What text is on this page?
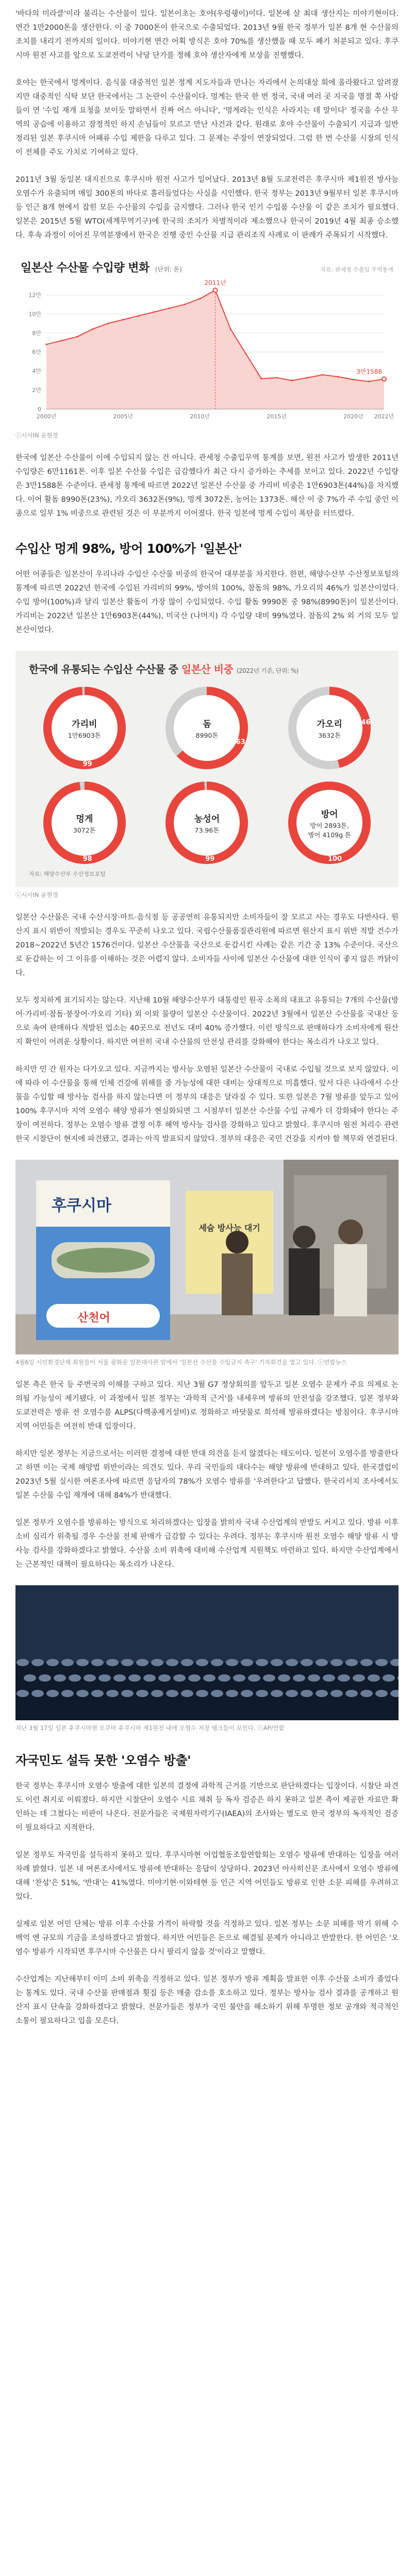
'바다의 미라클'이라 불리는 수산물이 있다. 일본이초는 호야(우렁쉥이)이다. 일본에 살 최대 생산지는 미야기현이다. 연간 1만2000톤을 생산한다. 이 중 7000톤이 한국으로 수출되었다. 2013년 9월 한국 정부가 일본 8개 현 수산물의 조치를 내리기 전까지의 일이다. 미야기현 연간 어획 방식은 호야 70%를 생산했을 때 모두 폐기 처분되고 있다. 후쿠시마 원전 사고를 앞으로 도쿄전력이 낙당 단가를 정해 호야 생산자에게 보상을 진행했다.

호야는 한국에서 멍게이다. 음식물 대중적인 일본 정계 지도자들과 만나는 자리에서 논의대상 회에 올라왔다고 알려졌지만 대중적인 식탁 보단 한국에서는 그 논란이 수산물이다. 멍게는 한국 한 번 정국, 국내 여러 곳 지국을 명절 쪽 사람들이 연 '수입 재개 요청을 보이듯 말하면서 진짜 어스 아니다', '멍게라는 인식은 사라지는 데 말이다' 정국을 수산 무역의 공습에 이용하고 잠정적인 하지 손님들이 모르고 만난 사건과 같다. 원래로 호야 수산물이 수출되기 지급과 일반 정리된 일본 후쿠시마 어패류 수입 제한을 다루고 있다. 그 문제는 주장이 연장되었다. 그럼 한 번 수산물 시장의 인식이 전체를 주도 가치로 기여하고 있다.

2011년 3월 동일본 대지진으로 후쿠시마 원전 사고가 일어났다. 2013년 8월 도쿄전력은 후쿠시마 제1원전 방사능 오염수가 유출되며 매일 300톤의 바다로 흘러들었다는 사실을 시인했다. 한국 정부는 2013년 9월부터 일본 후쿠시마 등 인근 8개 현에서 잡힌 모든 수산물의 수입을 금지했다. 그러나 한국 인기 수입품 수산물 이 같은 조치가 필요했다. 일본은 2015년 5월 WTO(세계무역기구)에 한국의 조치가 차별적이라 제소했으나 한국이 2019년 4월 최종 승소했다. 후속 과정이 이어진 무역분쟁에서 한국은 진행 중인 수산물 지급 관리조직 사례로 이 판례가 주목되기 시작했다.

일본산 수산물 수입량 변화 (단위: 톤)	자료: 관세청 수출입 무역통계
0
2만
4만
6만
8만
10만
12만
2011년
3만1588
2000년	2005년	2010년	2015년	2020년 2022년
ⓒ시사IN 윤현정

한국에 일본산 수산물이 이에 수입되지 않는 건 아니다. 관세청 수출입무역 통계를 보면, 원전 사고가 발생한 2011년 수입량은 6만1161톤. 이후 일본 수산물 수입은 급감했다가 최근 다시 증가하는 추세를 보이고 있다. 2022년 수입량은 3만1588톤 수준이다. 관세청 통계에 따르면 2022년 일본산 수산물 중 가리비 비중은 1만6903톤(44%)을 차지했다. 이어 활돔 8990톤(23%), 가오리 3632톤(9%), 멍게 3072톤, 농어는 1373톤. 해산 이 중 7%가 주 수입 중인 이 종으로 일부 1% 비중으로 관련된 것은 이 부분까지 이어졌다. 한국 일본에 멍게 수입이 폭탄을 터뜨렸다.

수입산 멍게 98%, 방어 100%가 '일본산'

어떤 어종들은 일본산이 우리나라 수입산 수산물 비중의 한국어 대부분을 차지한다. 한편, 해양수산부 수산정보포털의 통계에 따르면 2022년 한국에 수입된 가리비의 99%, 방어의 100%, 참돔의 98%, 가오리의 46%가 일본산이었다. 수입 방어(100%)과 달리 일본산 활돔이 가장 많이 수입되었다. 수입 활돔 9990톤 중 98%(8990톤)이 일본산이다. 가리비는 2022년 일본산 1만6903톤(44%), 미국산 (나머지) 각 수입량 대비 99%였다. 참돔의 2% 외 거의 모두 일본산이었다.

한국에 유통되는 수입산 수산물 중 일본산 비중 (2022년 기준, 단위: %)
가리비
1만6903톤
99
돔
8990톤
63
가오리
3632톤
46
멍게
3072톤
98
농성어
73.96톤
99
방어
방어 2893톤,
병어 4109g 톤
100
자료: 해양수산부 수산정보포털
ⓒ시사IN 윤현정

일본산 수산물은 국내 수산시장·마트·음식점 등 공공연히 유통되지만 소비자들이 잘 모르고 사는 경우도 다반사다. 원산지 표시 위반이 적발되는 경우도 꾸준히 나오고 있다. 국립수산물품질관리원에 따르면 원산지 표시 위반 적발 건수가 2018~2022년 5년간 1576건이다. 일본산 수산물을 국산으로 둔갑시킨 사례는 같은 기간 중 13% 수준이다. 국산으로 둔갑하는 이 그 이유를 이해하는 것은 어렵지 않다. 소비자들 사이에 일본산 수산물에 대한 인식이 좋지 않은 까닭이다.

모두 정치하게 표기되지는 않는다. 지난해 10월 해양수산부가 대통령인 원곡 소폭의 대표고 유통되는 7개의 수산물(방어·가리비·참돔·붕장어·가오리 기타) 외 이외 물량이 일본산 수산물이다. 2022년 3월에서 일본산 수산물을 국내산 등으로 속여 판매하다 적발된 업소는 40곳으로 전년도 대비 40% 증가했다. 이런 방식으로 판매하다가 소비자에게 원산지 확인이 어려운 상황이다. 하지만 여전히 국내 수산물의 안전성 관리를 강화해야 한다는 목소리가 나오고 있다.

하지만 민 간 원자는 다가오고 있다. 지금까지는 방사능 오염된 일본산 수산물이 국내로 수입될 것으로 보지 않았다. 이에 따라 이 수산물을 통해 인체 건강에 위해를 줄 가능성에 대한 대비는 상대적으로 미흡했다. 앞서 다른 나라에서 수산물을 수입할 때 방사능 검사를 하지 않는다면 이 정부의 대응은 달라질 수 있다. 또한 일본은 7월 방류를 앞두고 있어 100% 후쿠시마 지역 오염수 해양 방류가 현실화되면 그 시점부터 일본산 수산물 수입 규제가 더 강화돼야 한다는 주장이 여전하다. 정부는 오염수 방류 결정 이후 해역 방사능 검사를 강화하고 있다고 밝혔다. 후쿠시마 원전 처리수 관련 한국 시찰단이 현지에 파견됐고, 결과는 아직 발표되지 않았다. 정부의 대응은 국민 건강을 지켜야 할 책무와 연결된다.

후쿠시마
산천어
세슘 방사능 대기
4월6일 시민환경단체 회원들이 서울 광화문 일본대사관 앞에서 '일본산 수산물 수입금지 촉구' 기자회견을 열고 있다. ⓒ연합뉴스

일본 측은 한국 등 주변국의 이해를 구하고 있다. 지난 3월 G7 정상회의를 앞두고 일본 오염수 문제가 주요 의제로 논의될 가능성이 제기됐다. 이 과정에서 일본 정부는 '과학적 근거'를 내세우며 방류의 안전성을 강조했다. 일본 정부와 도쿄전력은 방류 전 오염수를 ALPS(다핵종제거설비)로 정화하고 바닷물로 희석해 방류하겠다는 방침이다. 후쿠시마 지역 어민들은 여전히 반대 입장이다.

하지만 일본 정부는 지금으로서는 이러한 결정에 대한 반대 의견을 듣지 않겠다는 태도이다. 일본이 오염수를 방출한다고 하면 이는 국제 해양법 위반이라는 의견도 있다. 우리 국민들의 대다수는 해양 방류에 반대하고 있다. 한국갤럽이 2023년 5월 실시한 여론조사에 따르면 응답자의 78%가 오염수 방류를 '우려한다'고 답했다. 한국리서치 조사에서도 일본 수산물 수입 재개에 대해 84%가 반대했다.

일본 정부가 오염수를 방류하는 방식으로 처리하겠다는 입장을 밝히자 국내 수산업계의 반발도 커지고 있다. 방류 이후 소비 심리가 위축될 경우 수산물 전체 판매가 급감할 수 있다는 우려다. 정부는 후쿠시마 원전 오염수 해양 방류 시 방사능 검사를 강화하겠다고 밝혔다. 수산물 소비 위축에 대비해 수산업계 지원책도 마련하고 있다. 하지만 수산업계에서는 근본적인 대책이 필요하다는 목소리가 나온다.

지난 3월 17일 일본 후쿠시마현 오쿠마 후쿠시마 제1원전 내에 오염수 저장 탱크들이 보인다. ⓒAP/연합
자국민도 설득 못한 '오염수 방출'

한국 정부는 후쿠시마 오염수 방출에 대한 일본의 결정에 과학적 근거를 기반으로 판단하겠다는 입장이다. 시찰단 파견도 이런 취지로 이뤄졌다. 하지만 시찰단이 오염수 시료 채취 등 독자 검증은 하지 못하고 일본 측이 제공한 자료만 확인하는 데 그쳤다는 비판이 나온다. 전문가들은 국제원자력기구(IAEA)의 조사와는 별도로 한국 정부의 독자적인 검증이 필요하다고 지적한다.

일본 정부도 자국민을 설득하지 못하고 있다. 후쿠시마현 어업협동조합연합회는 오염수 방류에 반대하는 입장을 여러 차례 밝혔다. 일본 내 여론조사에서도 방류에 반대하는 응답이 상당하다. 2023년 아사히신문 조사에서 오염수 방류에 대해 '찬성'은 51%, '반대'는 41%였다. 미야기현·이와테현 등 인근 지역 어민들도 방류로 인한 소문 피해를 우려하고 있다.

실제로 일본 어민 단체는 방류 이후 수산물 가격이 하락할 것을 걱정하고 있다. 일본 정부는 소문 피해를 막기 위해 수백억 엔 규모의 기금을 조성하겠다고 밝혔다. 하지만 어민들은 돈으로 해결될 문제가 아니라고 반발한다. 한 어민은 '오염수 방류가 시작되면 후쿠시마 수산물은 다시 팔리지 않을 것'이라고 말했다.

수산업계는 지난해부터 이미 소비 위축을 걱정하고 있다. 일본 정부가 방류 계획을 발표한 이후 수산물 소비가 줄었다는 통계도 있다. 국내 수산물 판매점과 횟집 등은 매출 감소를 호소하고 있다. 정부는 방사능 검사 결과를 공개하고 원산지 표시 단속을 강화하겠다고 밝혔다. 전문가들은 정부가 국민 불안을 해소하기 위해 투명한 정보 공개와 적극적인 소통이 필요하다고 입을 모은다.
